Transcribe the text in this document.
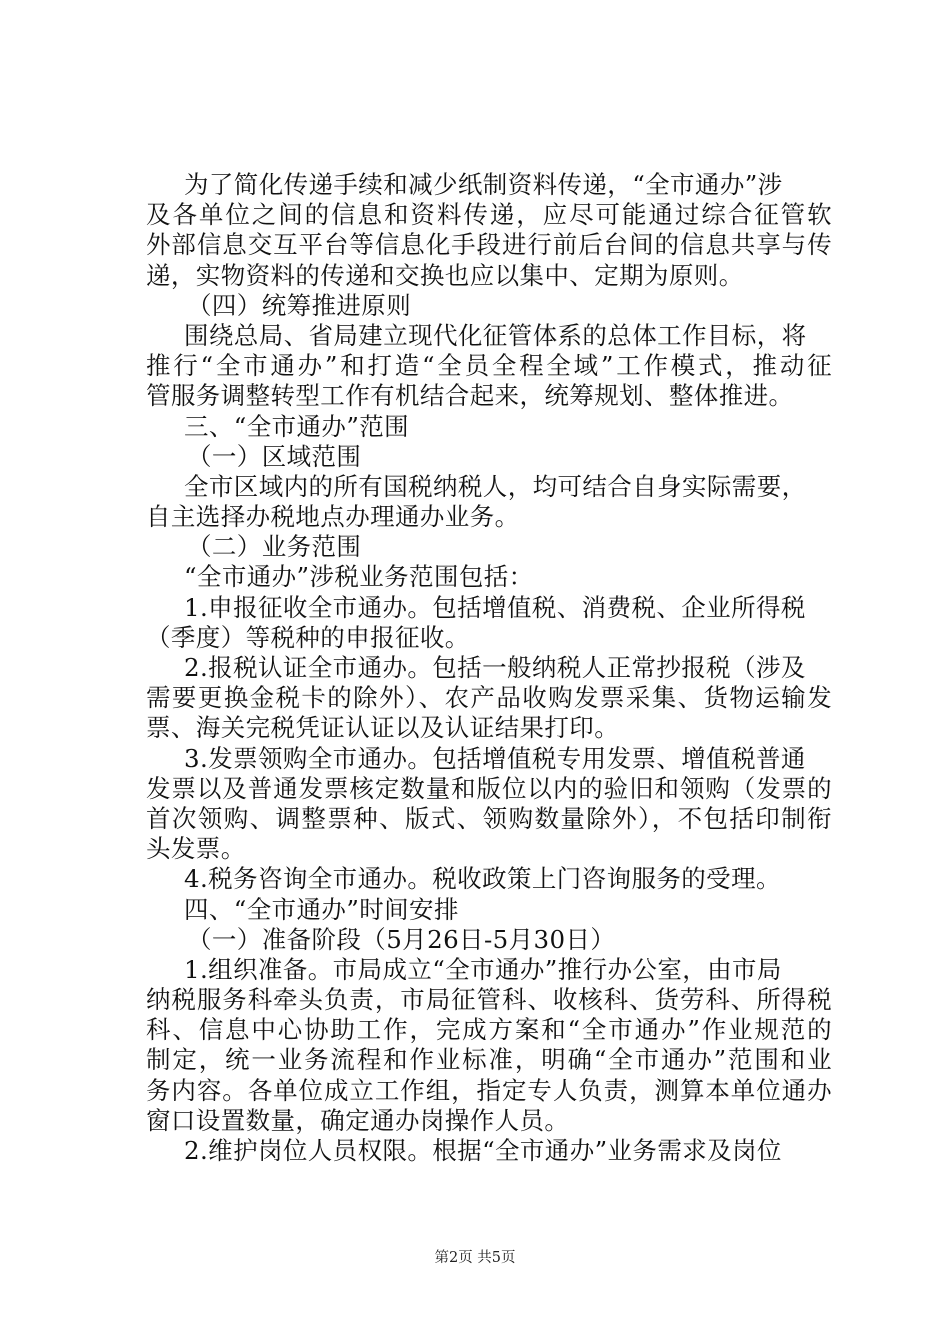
为了简化传递手续和减少纸制资料传递，“全市通办”涉
及各单位之间的信息和资料传递，应尽可能通过综合征管软
外部信息交互平台等信息化手段进行前后台间的信息共享与传
递，实物资料的传递和交换也应以集中、定期为原则。
（四）统筹推进原则
围绕总局、省局建立现代化征管体系的总体工作目标，将
推行“全市通办”和打造“全员全程全域”工作模式，推动征
管服务调整转型工作有机结合起来，统筹规划、整体推进。
三、“全市通办”范围
（一）区域范围
全市区域内的所有国税纳税人，均可结合自身实际需要，
自主选择办税地点办理通办业务。
（二）业务范围
“全市通办”涉税业务范围包括：
1.申报征收全市通办。包括增值税、消费税、企业所得税
（季度）等税种的申报征收。
2.报税认证全市通办。包括一般纳税人正常抄报税（涉及
需要更换金税卡的除外）、农产品收购发票采集、货物运输发
票、海关完税凭证认证以及认证结果打印。
3.发票领购全市通办。包括增值税专用发票、增值税普通
发票以及普通发票核定数量和版位以内的验旧和领购（发票的
首次领购、调整票种、版式、领购数量除外），不包括印制衔
头发票。
4.税务咨询全市通办。税收政策上门咨询服务的受理。
四、“全市通办”时间安排
（一）准备阶段（5月26日-5月30日）
1.组织准备。市局成立“全市通办”推行办公室，由市局
纳税服务科牵头负责，市局征管科、收核科、货劳科、所得税
科、信息中心协助工作，完成方案和“全市通办”作业规范的
制定，统一业务流程和作业标准，明确“全市通办”范围和业
务内容。各单位成立工作组，指定专人负责，测算本单位通办
窗口设置数量，确定通办岗操作人员。
2.维护岗位人员权限。根据“全市通办”业务需求及岗位
第2页 共5页
